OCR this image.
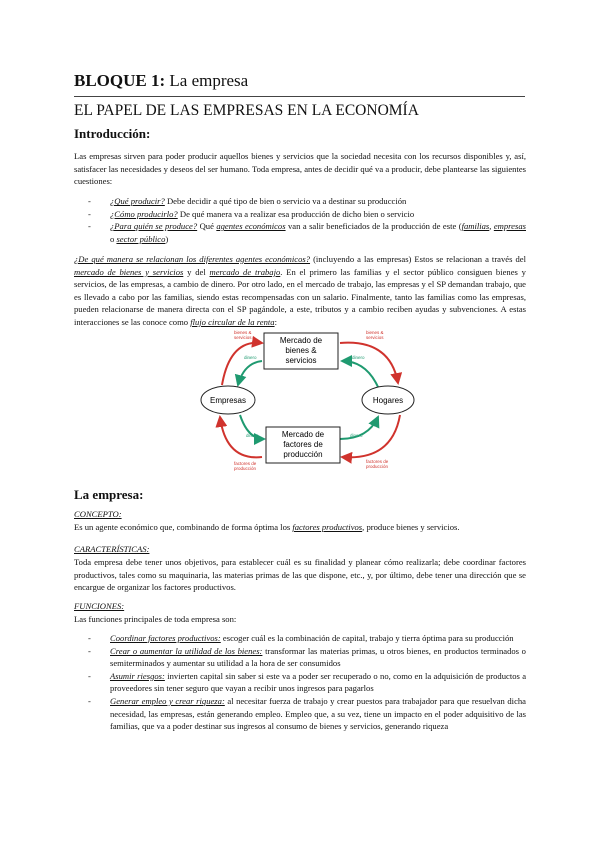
BLOQUE 1: La empresa
EL PAPEL DE LAS EMPRESAS EN LA ECONOMÍA
Introducción:
Las empresas sirven para poder producir aquellos bienes y servicios que la sociedad necesita con los recursos disponibles y, así, satisfacer las necesidades y deseos del ser humano. Toda empresa, antes de decidir qué va a producir, debe plantearse las siguientes cuestiones:
- ¿Qué producir? Debe decidir a qué tipo de bien o servicio va a destinar su producción
- ¿Cómo producirlo? De qué manera va a realizar esa producción de dicho bien o servicio
- ¿Para quién se produce? Qué agentes económicos van a salir beneficiados de la producción de este (familias, empresas o sector público)
¿De qué manera se relacionan los diferentes agentes económicos? (incluyendo a las empresas) Estos se relacionan a través del mercado de bienes y servicios y del mercado de trabajo. En el primero las familias y el sector público consiguen bienes y servicios, de las empresas, a cambio de dinero. Por otro lado, en el mercado de trabajo, las empresas y el SP demandan trabajo, que es llevado a cabo por las familias, siendo estas recompensadas con un salario. Finalmente, tanto las familias como las empresas, pueden relacionarse de manera directa con el SP pagándole, a este, tributos y a cambio reciben ayudas y subvenciones. A estas interacciones se las conoce como flujo circular de la renta:
Mercado de
bienes &
servicios
Mercado de
factores de
producción
Empresas	Hogares
bienes &
servicios
bienes &
servicios
dinero	dinero
dinero	dinero
factores de
producción
factores de
producción
La empresa:
CONCEPTO:
Es un agente económico que, combinando de forma óptima los factores productivos, produce bienes y servicios.
CARACTERÍSTICAS:
Toda empresa debe tener unos objetivos, para establecer cuál es su finalidad y planear cómo realizarla; debe coordinar factores productivos, tales como su maquinaria, las materias primas de las que dispone, etc., y, por último, debe tener una dirección que se encargue de organizar los factores productivos.
FUNCIONES:
Las funciones principales de toda empresa son:
- Coordinar factores productivos: escoger cuál es la combinación de capital, trabajo y tierra óptima para su producción
- Crear o aumentar la utilidad de los bienes: transformar las materias primas, u otros bienes, en productos terminados o semiterminados y aumentar su utilidad a la hora de ser consumidos
- Asumir riesgos: invierten capital sin saber si este va a poder ser recuperado o no, como en la adquisición de productos a proveedores sin tener seguro que vayan a recibir unos ingresos para pagarlos
- Generar empleo y crear riqueza: al necesitar fuerza de trabajo y crear puestos para trabajador para que resuelvan dicha necesidad, las empresas, están generando empleo. Empleo que, a su vez, tiene un impacto en el poder adquisitivo de las familias, que va a poder destinar sus ingresos al consumo de bienes y servicios, generando riqueza
